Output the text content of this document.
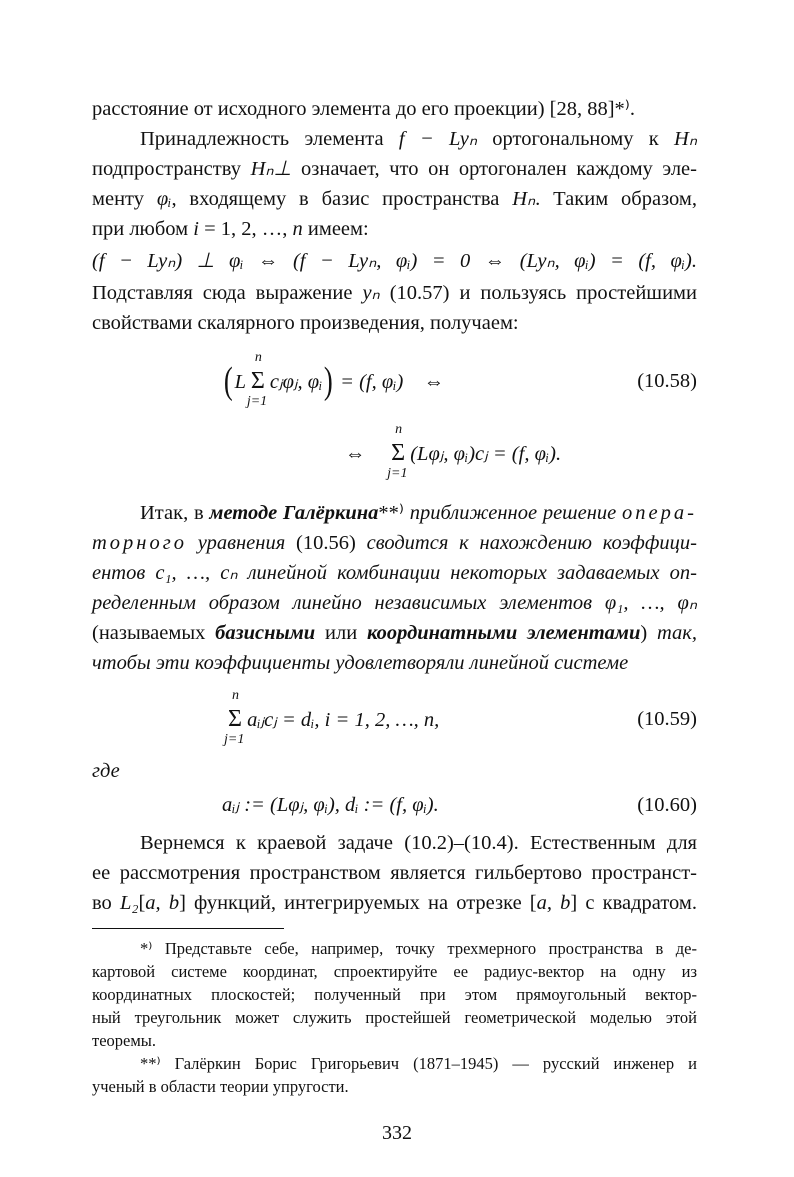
расстояние от исходного элемента до его проекции) [28, 88]*⁾.
Принадлежность элемента f − Lyₙ ортогональному к Hₙ
подпространству Hₙ⊥ означает, что он ортогонален каждому эле-
менту φᵢ, входящему в базис пространства Hₙ. Таким образом,
при любом i = 1, 2, …, n имеем:
(f − Lyₙ) ⊥ φᵢ ⇔ (f − Lyₙ, φᵢ) = 0 ⇔ (Lyₙ, φᵢ) = (f, φᵢ).
Подставляя сюда выражение yₙ (10.57) и пользуясь простейшими
свойствами скалярного произведения, получаем:
Итак, в методе Галёркина**⁾ приближенное решение опера-
торного уравнения (10.56) сводится к нахождению коэффици-
ентов c₁, …, cₙ линейной комбинации некоторых задаваемых оп-
ределенным образом линейно независимых элементов φ₁, …, φₙ
(называемых базисными или координатными элементами) так,
чтобы эти коэффициенты удовлетворяли линейной системе
где
Вернемся к краевой задаче (10.2)–(10.4). Естественным для
ее рассмотрения пространством является гильбертово пространст-
во L₂[a, b] функций, интегрируемых на отрезке [a, b] с квадратом.
*⁾ Представьте себе, например, точку трехмерного пространства в де-
картовой системе координат, спроектируйте ее радиус-вектор на одну из
координатных плоскостей; полученный при этом прямоугольный вектор-
ный треугольник может служить простейшей геометрической моделью этой
теоремы.
**⁾ Галёркин Борис Григорьевич (1871–1945) — русский инженер и
ученый в области теории упругости.
(L Σ
n
j=1
cⱼφⱼ, φᵢ) = (f, φᵢ) ⇔	(10.58)
⇔ Σ
n
j=1
(Lφⱼ, φᵢ)cⱼ = (f, φᵢ).
Σ
n
j=1
aᵢⱼcⱼ = dᵢ, i = 1, 2, …, n,	(10.59)
aᵢⱼ := (Lφⱼ, φᵢ), dᵢ := (f, φᵢ).	(10.60)
332
